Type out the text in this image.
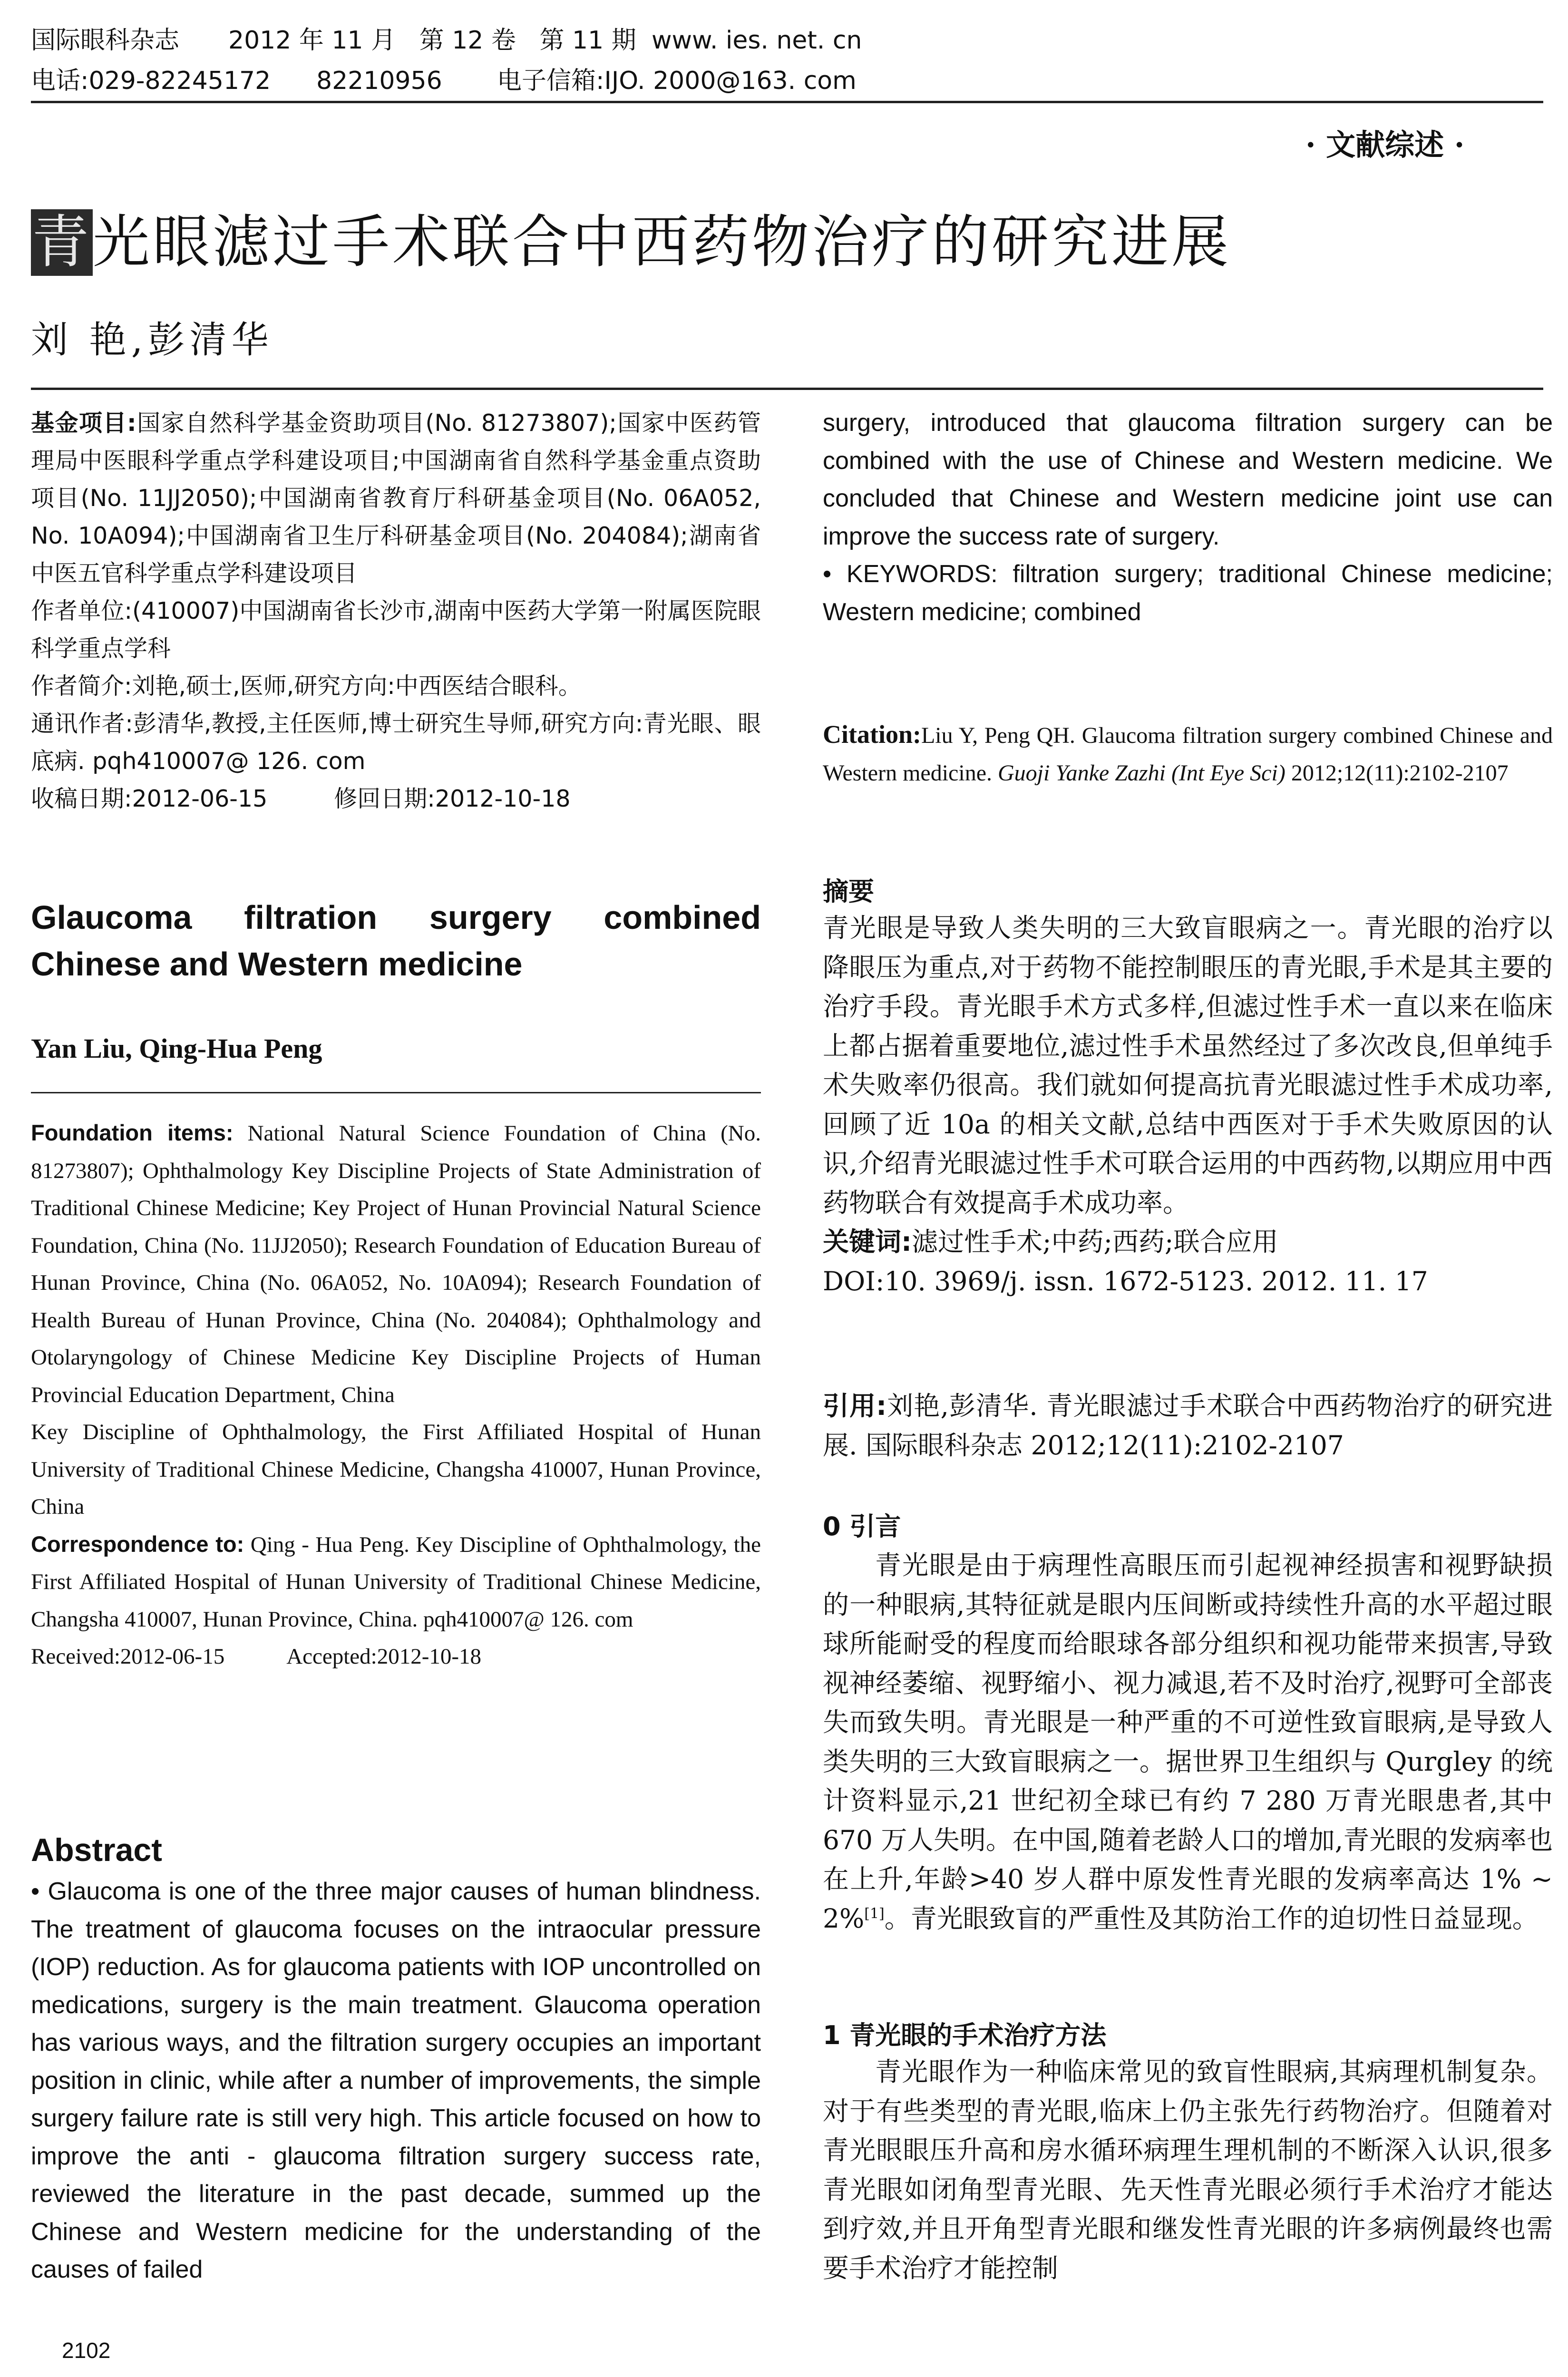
国际眼科杂志 2012 年 11 月   第 12 卷   第 11 期 www. ies. net. cn
电话:029-82245172 82210956 电子信箱:IJO. 2000@163. com
· 文献综述 ·
青光眼滤过手术联合中西药物治疗的研究进展
刘 艳,彭清华

基金项目:国家自然科学基金资助项目(No. 81273807);国家中医药管理局中医眼科学重点学科建设项目;中国湖南省自然科学基金重点资助项目(No. 11JJ2050);中国湖南省教育厅科研基金项目(No. 06A052, No. 10A094);中国湖南省卫生厅科研基金项目(No. 204084);湖南省中医五官科学重点学科建设项目

作者单位:(410007)中国湖南省长沙市,湖南中医药大学第一附属医院眼科学重点学科

作者简介:刘艳,硕士,医师,研究方向:中西医结合眼科。

通讯作者:彭清华,教授,主任医师,博士研究生导师,研究方向:青光眼、眼底病. pqh410007@ 126. com

收稿日期:2012-06-15	修回日期:2012-10-18

Glaucoma filtration surgery combined Chinese and Western medicine
Yan Liu, Qing-Hua Peng

Foundation items: National Natural Science Foundation of China (No. 81273807); Ophthalmology Key Discipline Projects of State Administration of Traditional Chinese Medicine; Key Project of Hunan Provincial Natural Science Foundation, China (No. 11JJ2050); Research Foundation of Education Bureau of Hunan Province, China (No. 06A052, No. 10A094); Research Foundation of Health Bureau of Hunan Province, China (No. 204084); Ophthalmology and Otolaryngology of Chinese Medicine Key Discipline Projects of Human Provincial Education Department, China

Key Discipline of Ophthalmology, the First Affiliated Hospital of Hunan University of Traditional Chinese Medicine, Changsha 410007, Hunan Province, China

Correspondence to: Qing - Hua Peng. Key Discipline of Ophthalmology, the First Affiliated Hospital of Hunan University of Traditional Chinese Medicine, Changsha 410007, Hunan Province, China. pqh410007@ 126. com

Received:2012-06-15	Accepted:2012-10-18

Abstract
• Glaucoma is one of the three major causes of human blindness. The treatment of glaucoma focuses on the intraocular pressure (IOP) reduction. As for glaucoma patients with IOP uncontrolled on medications, surgery is the main treatment. Glaucoma operation has various ways, and the filtration surgery occupies an important position in clinic, while after a number of improvements, the simple surgery failure rate is still very high. This article focused on how to improve the anti - glaucoma filtration surgery success rate, reviewed the literature in the past decade, summed up the Chinese and Western medicine for the understanding of the causes of failed
2102

surgery, introduced that glaucoma filtration surgery can be combined with the use of Chinese and Western medicine. We concluded that Chinese and Western medicine joint use can improve the success rate of surgery.

• KEYWORDS: filtration surgery; traditional Chinese medicine; Western medicine; combined

Citation:Liu Y, Peng QH. Glaucoma filtration surgery combined Chinese and Western medicine. Guoji Yanke Zazhi (Int Eye Sci) 2012;12(11):2102-2107
摘要

青光眼是导致人类失明的三大致盲眼病之一。青光眼的治疗以降眼压为重点,对于药物不能控制眼压的青光眼,手术是其主要的治疗手段。青光眼手术方式多样,但滤过性手术一直以来在临床上都占据着重要地位,滤过性手术虽然经过了多次改良,但单纯手术失败率仍很高。我们就如何提高抗青光眼滤过性手术成功率,回顾了近 10a 的相关文献,总结中西医对于手术失败原因的认识,介绍青光眼滤过性手术可联合运用的中西药物,以期应用中西药物联合有效提高手术成功率。

关键词:滤过性手术;中药;西药;联合应用

DOI:10. 3969/j. issn. 1672-5123. 2012. 11. 17

引用:刘艳,彭清华. 青光眼滤过手术联合中西药物治疗的研究进展. 国际眼科杂志 2012;12(11):2102-2107
0 引言

青光眼是由于病理性高眼压而引起视神经损害和视野缺损的一种眼病,其特征就是眼内压间断或持续性升高的水平超过眼球所能耐受的程度而给眼球各部分组织和视功能带来损害,导致视神经萎缩、视野缩小、视力减退,若不及时治疗,视野可全部丧失而致失明。青光眼是一种严重的不可逆性致盲眼病,是导致人类失明的三大致盲眼病之一。据世界卫生组织与 Qurgley 的统计资料显示,21 世纪初全球已有约 7 280 万青光眼患者,其中 670 万人失明。在中国,随着老龄人口的增加,青光眼的发病率也在上升,年龄>40 岁人群中原发性青光眼的发病率高达 1% ~ 2%[1]。青光眼致盲的严重性及其防治工作的迫切性日益显现。

1 青光眼的手术治疗方法

青光眼作为一种临床常见的致盲性眼病,其病理机制复杂。对于有些类型的青光眼,临床上仍主张先行药物治疗。但随着对青光眼眼压升高和房水循环病理生理机制的不断深入认识,很多青光眼如闭角型青光眼、先天性青光眼必须行手术治疗才能达到疗效,并且开角型青光眼和继发性青光眼的许多病例最终也需要手术治疗才能控制
